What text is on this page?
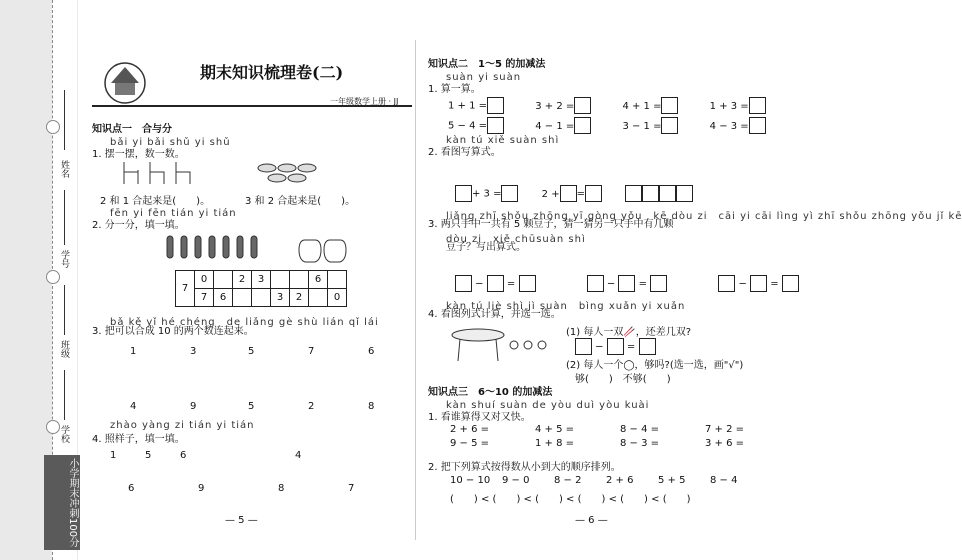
姓名
学号
班级
学校
小学期末冲刺100分
期末知识梳理卷(二)
一年级数学上册 · JJ
知识点一　合与分
bǎi yi bǎi shǔ yi shǔ
1. 摆一摆，数一数。
2 和 1 合起来是(　　)。	3 和 2 合起来是(　　)。
fēn yi fēn tián yi tián
2. 分一分，填一填。
7	0		2	3			6	
	7	6			3	2		0
bǎ kě yǐ hé chéng　de liǎng gè shù lián qǐ lái
3. 把可以合成 10 的两个数连起来。
1	3	5	7	6
4	9	5	2	8
zhào yàng zi tián yi tián
4. 照样子，填一填。
1	5
6
6
9
4
8	7
— 5 —
知识点二　1～5 的加减法
suàn yi suàn
1. 算一算。
1 + 1 =	3 + 2 =	4 + 1 =	1 + 3 =
5 − 4 =	4 − 1 =	3 − 1 =	4 − 3 =
kàn tú xiě suàn shì
2. 看图写算式。
+ 3 =	2 + =
liǎng zhī shǒu zhōng yī gòng yǒu　kē dòu zi　cāi yi cāi lìng yì zhī shǒu zhōng yǒu jǐ kē
3. 两只手中一共有 5 颗豆子，猜一猜另一只手中有几颗
dòu zi　xiě chūsuàn shì
豆子？写出算式。
−  =	−  =	−  =
kàn tú liè shì jì suàn　bìng xuǎn yi xuǎn
4. 看图列式计算，并选一选。
(1) 每人一双🥢，还差几双?
−  =
(2) 每人一个◯，够吗?(选一选，画"√")
够(　　)　不够(　　)
知识点三　6～10 的加减法
kàn shuí suàn de yòu duì yòu kuài
1. 看谁算得又对又快。
2 + 6 =	4 + 5 =	8 − 4 =	7 + 2 =
9 − 5 =	1 + 8 =	8 − 3 =	3 + 6 =
2. 把下列算式按得数从小到大的顺序排列。
10 − 10 9 − 0 8 − 2 2 + 6 5 + 5 8 − 4
(　　) < (　　) < (　　) < (　　) < (　　) < (　　)
— 6 —
